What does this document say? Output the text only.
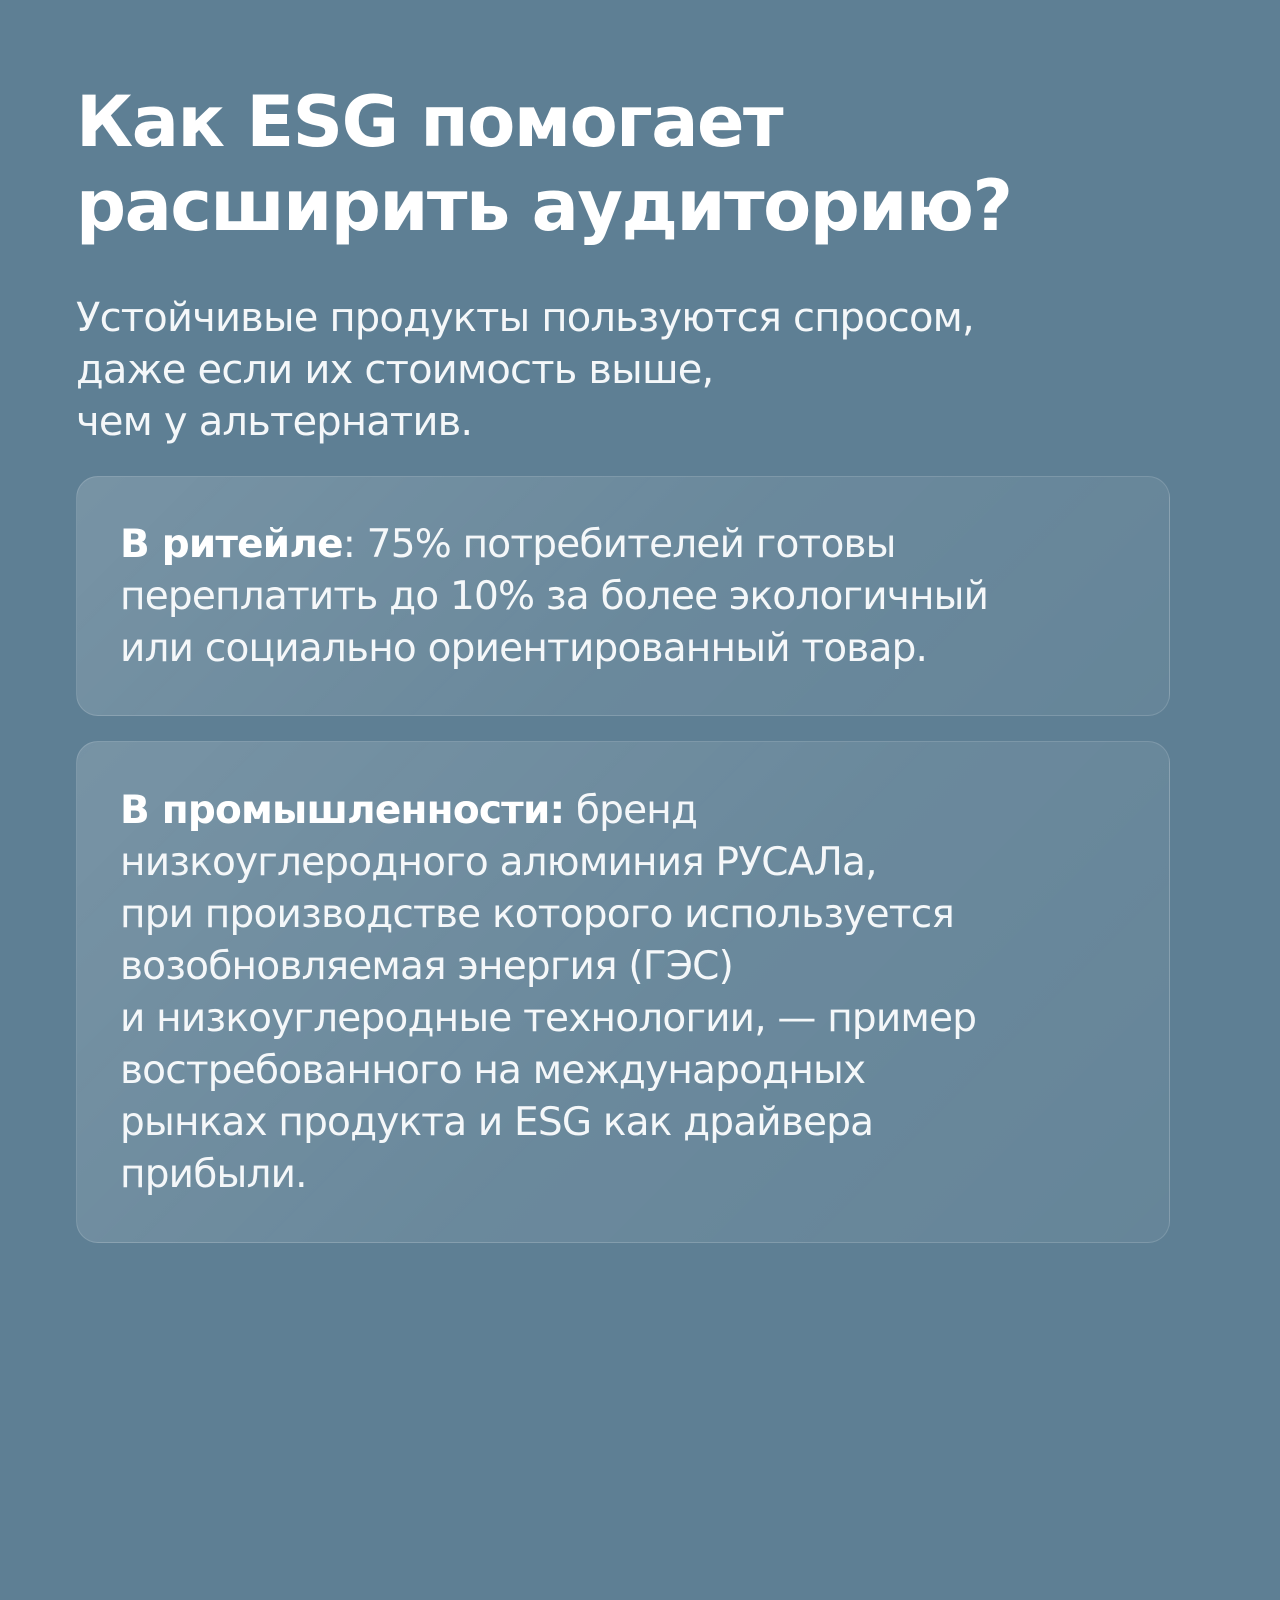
Как ESG помогает расширить аудиторию?

Устойчивые продукты пользуются спросом,
даже если их стоимость выше,
чем у альтернатив.

В ритейле: 75% потребителей готовы
переплатить до 10% за более экологичный
или социально ориентированный товар.

В промышленности: бренд
низкоуглеродного алюминия РУСАЛа,
при производстве которого используется
возобновляемая энергия (ГЭС)
и низкоуглеродные технологии, — пример
востребованного на международных
рынках продукта и ESG как драйвера
прибыли.
